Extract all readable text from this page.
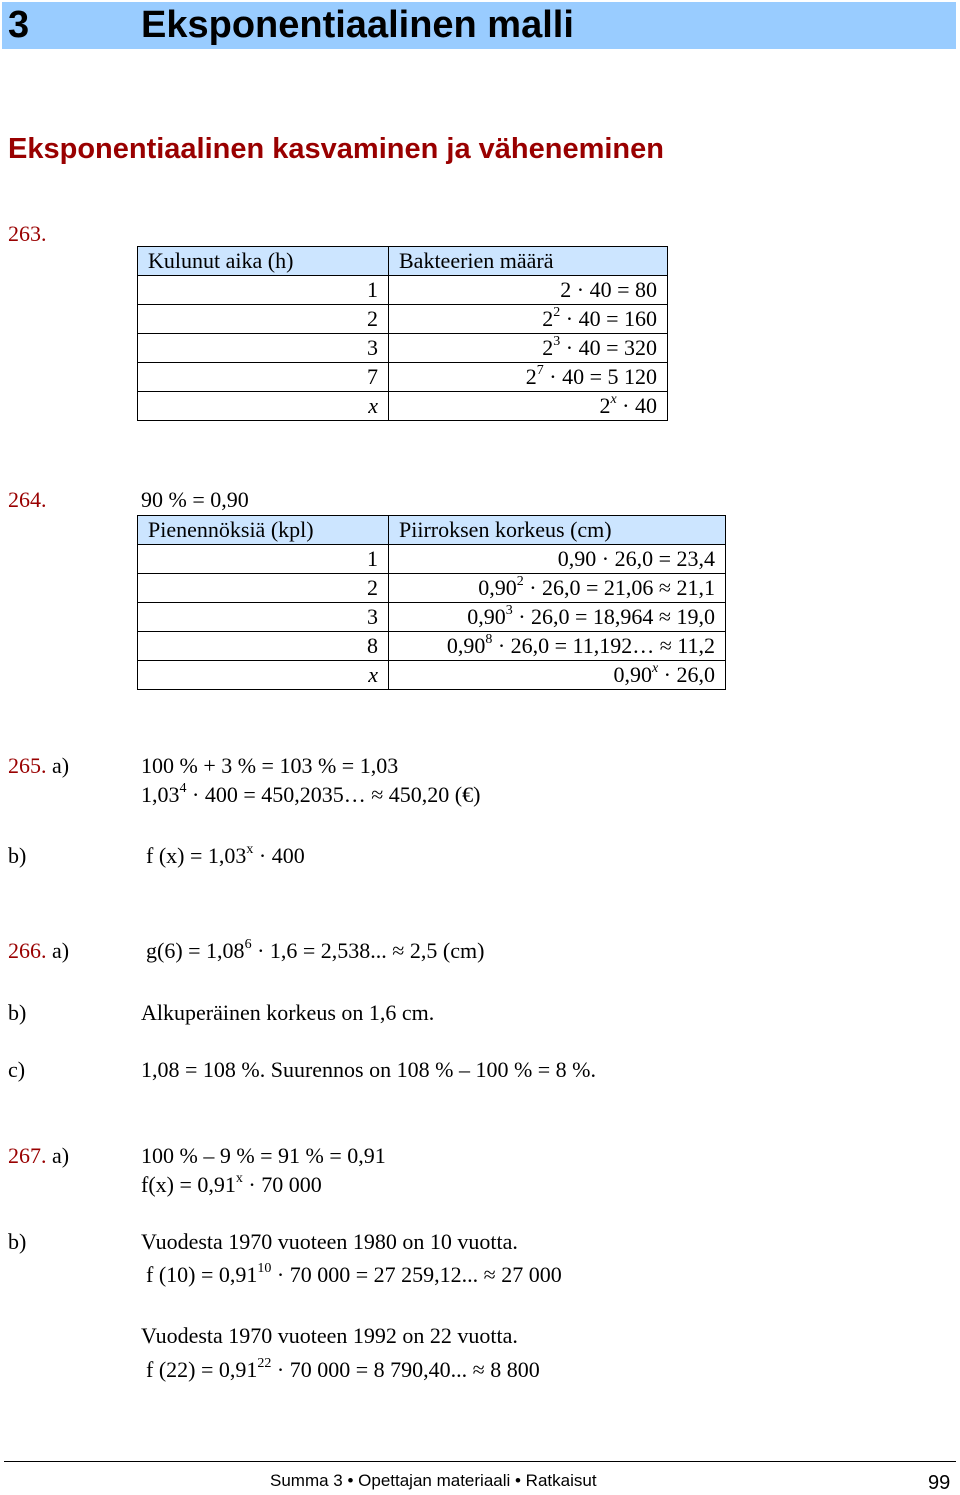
3	Eksponentiaalinen malli
Eksponentiaalinen kasvaminen ja väheneminen
263.
Kulunut aika (h)	Bakteerien määrä
1	2 · 40 = 80
2	$2^2 \cdot 40 = 160$
3	$2^3 \cdot 40 = 320$
7	$2^7 \cdot 40 = 5$ 120
x	$2^x \cdot 40$
264.	90 % = 0,90
Pienennöksiä (kpl)	Piirroksen korkeus (cm)
1	0,90 · 26,0 = 23,4
2	$0,90^2 \cdot 26,0 = 21,06 \approx 21,1$
3	$0,90^3 \cdot 26,0 = 18,964 \approx 19,0$
8	$0,90^8 \cdot 26,0$ = 11,192… ≈ 11,2
x	$0,90^x \cdot 26,0$
265. a)	100 % + 3 % = 103 % = 1,03
$1,03^4 \cdot 400$ = 450,2035… ≈ 450,20 (€)
b)	f $(x) = 1,03^x \cdot 400$
266. a)	$g(6) = 1,08^6 \cdot 1,6 = 2,538$... ≈ 2,5 (cm)
b)	Alkuperäinen korkeus on 1,6 cm.
c)	1,08 = 108 %. Suurennos on 108 % – 100 % = 8 %.
267. a)	100 % – 9 % = 91 % = 0,91
$f(x) = 0,91^x \cdot 70$ 000
b)	Vuodesta 1970 vuoteen 1980 on 10 vuotta.
f $(10) = 0,91^{10} \cdot 70$ 000 = 27 259,12... ≈ 27 000
Vuodesta 1970 vuoteen 1992 on 22 vuotta.
f $(22) = 0,91^{22} \cdot 70$ 000 = 8 790,40... ≈ 8 800
Summa 3 • Opettajan materiaali • Ratkaisut	99
